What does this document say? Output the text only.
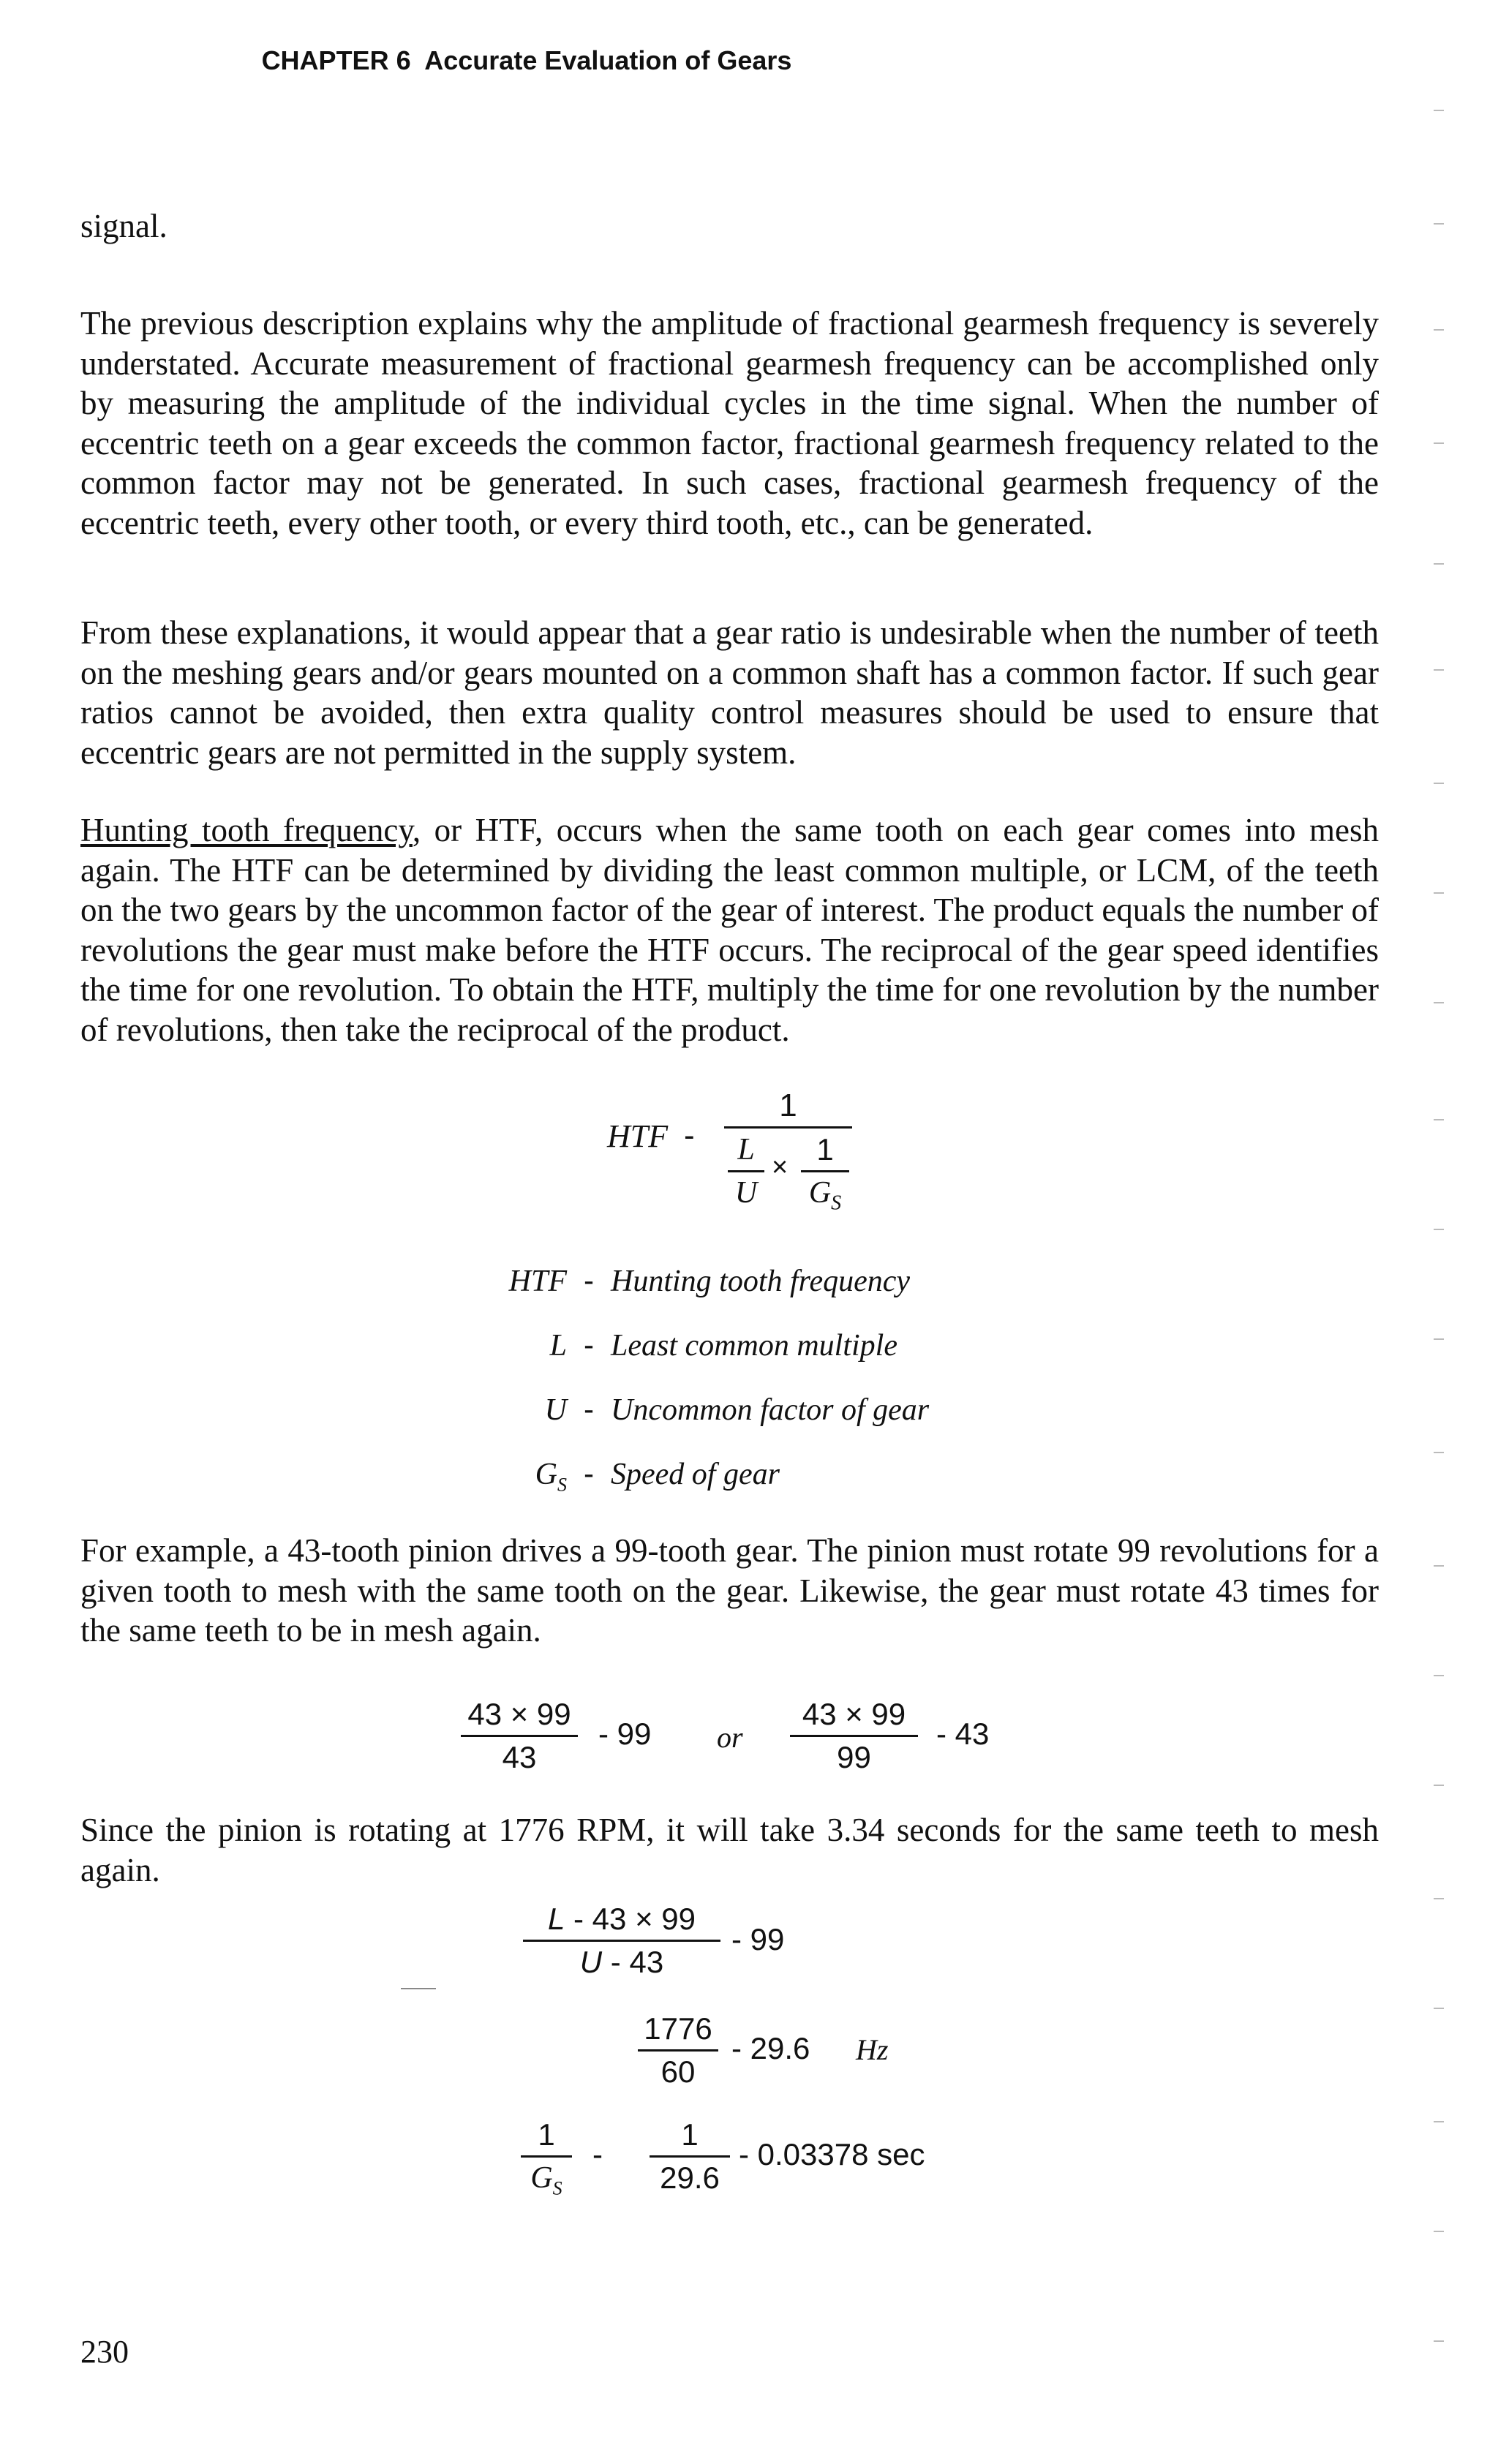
CHAPTER 6 Accurate Evaluation of Gears

signal.

The previous description explains why the amplitude of fractional gearmesh frequency is severely understated. Accurate measurement of fractional gearmesh frequency can be accomplished only by measuring the amplitude of the individual cycles in the time signal. When the number of eccentric teeth on a gear exceeds the common factor, fractional gearmesh frequency related to the common factor may not be generated. In such cases, fractional gearmesh frequency of the eccentric teeth, every other tooth, or every third tooth, etc., can be generated.

From these explanations, it would appear that a gear ratio is undesirable when the number of teeth on the meshing gears and/or gears mounted on a common shaft has a common factor. If such gear ratios cannot be avoided, then extra quality control measures should be used to ensure that eccentric gears are not permitted in the supply system.

Hunting tooth frequency, or HTF, occurs when the same tooth on each gear comes into mesh again. The HTF can be determined by dividing the least common multiple, or LCM, of the teeth on the two gears by the uncommon factor of the gear of interest. The product equals the number of revolutions the gear must make before the HTF occurs. The reciprocal of the gear speed identifies the time for one revolution. To obtain the HTF, multiply the time for one revolution by the number of revolutions, then take the reciprocal of the product.

HTF -
1
L
U
×
1
$G_S$
HTF - Hunting tooth frequency
L - Least common multiple
U - Uncommon factor of gear
$G_S$ - Speed of gear

For example, a 43-tooth pinion drives a 99-tooth gear. The pinion must rotate 99 revolutions for a given tooth to mesh with the same tooth on the gear. Likewise, the gear must rotate 43 times for the same teeth to be in mesh again.

43 × 99
43
- 99 or
43 × 99
99
- 43

Since the pinion is rotating at 1776 RPM, it will take 3.34 seconds for the same teeth to mesh again.

L - 43 × 99
U - 43
- 99
1776
60
- 29.6 Hz
1
$G_S$
-
1
29.6
- 0.03378 sec
230
